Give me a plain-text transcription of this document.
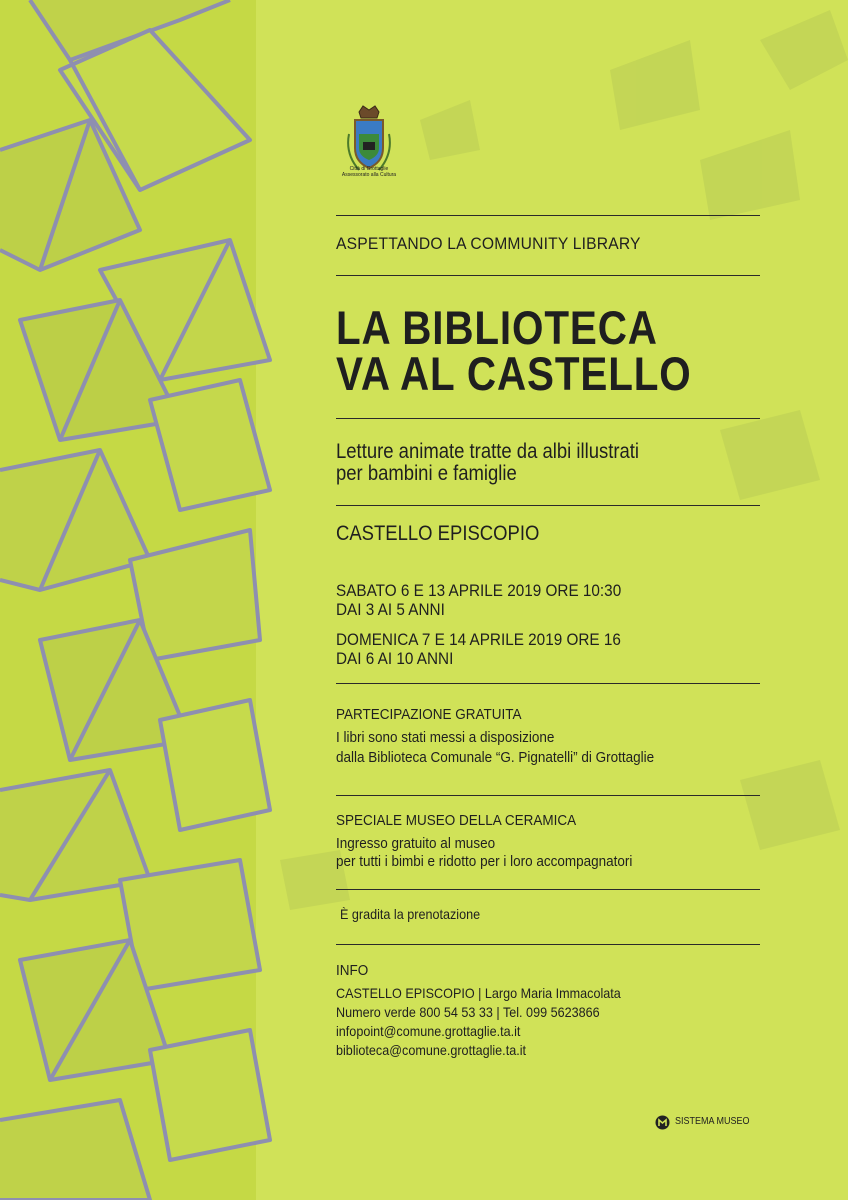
Città di Grottaglie
Assessorato alla Cultura
ASPETTANDO LA COMMUNITY LIBRARY
LA BIBLIOTECA
VA AL CASTELLO
Letture animate tratte da albi illustrati
per bambini e famiglie
CASTELLO EPISCOPIO
SABATO 6 E 13 APRILE 2019 ORE 10:30
DAI 3 AI 5 ANNI
DOMENICA 7 E 14 APRILE 2019 ORE 16
DAI 6 AI 10 ANNI
PARTECIPAZIONE GRATUITA
I libri sono stati messi a disposizione
dalla Biblioteca Comunale “G. Pignatelli” di Grottaglie
SPECIALE MUSEO DELLA CERAMICA
Ingresso gratuito al museo
per tutti i bimbi e ridotto per i loro accompagnatori
È gradita la prenotazione
INFO
CASTELLO EPISCOPIO | Largo Maria Immacolata
Numero verde 800 54 53 33 | Tel. 099 5623866
infopoint@comune.grottaglie.ta.it
biblioteca@comune.grottaglie.ta.it
SISTEMA MUSEO
